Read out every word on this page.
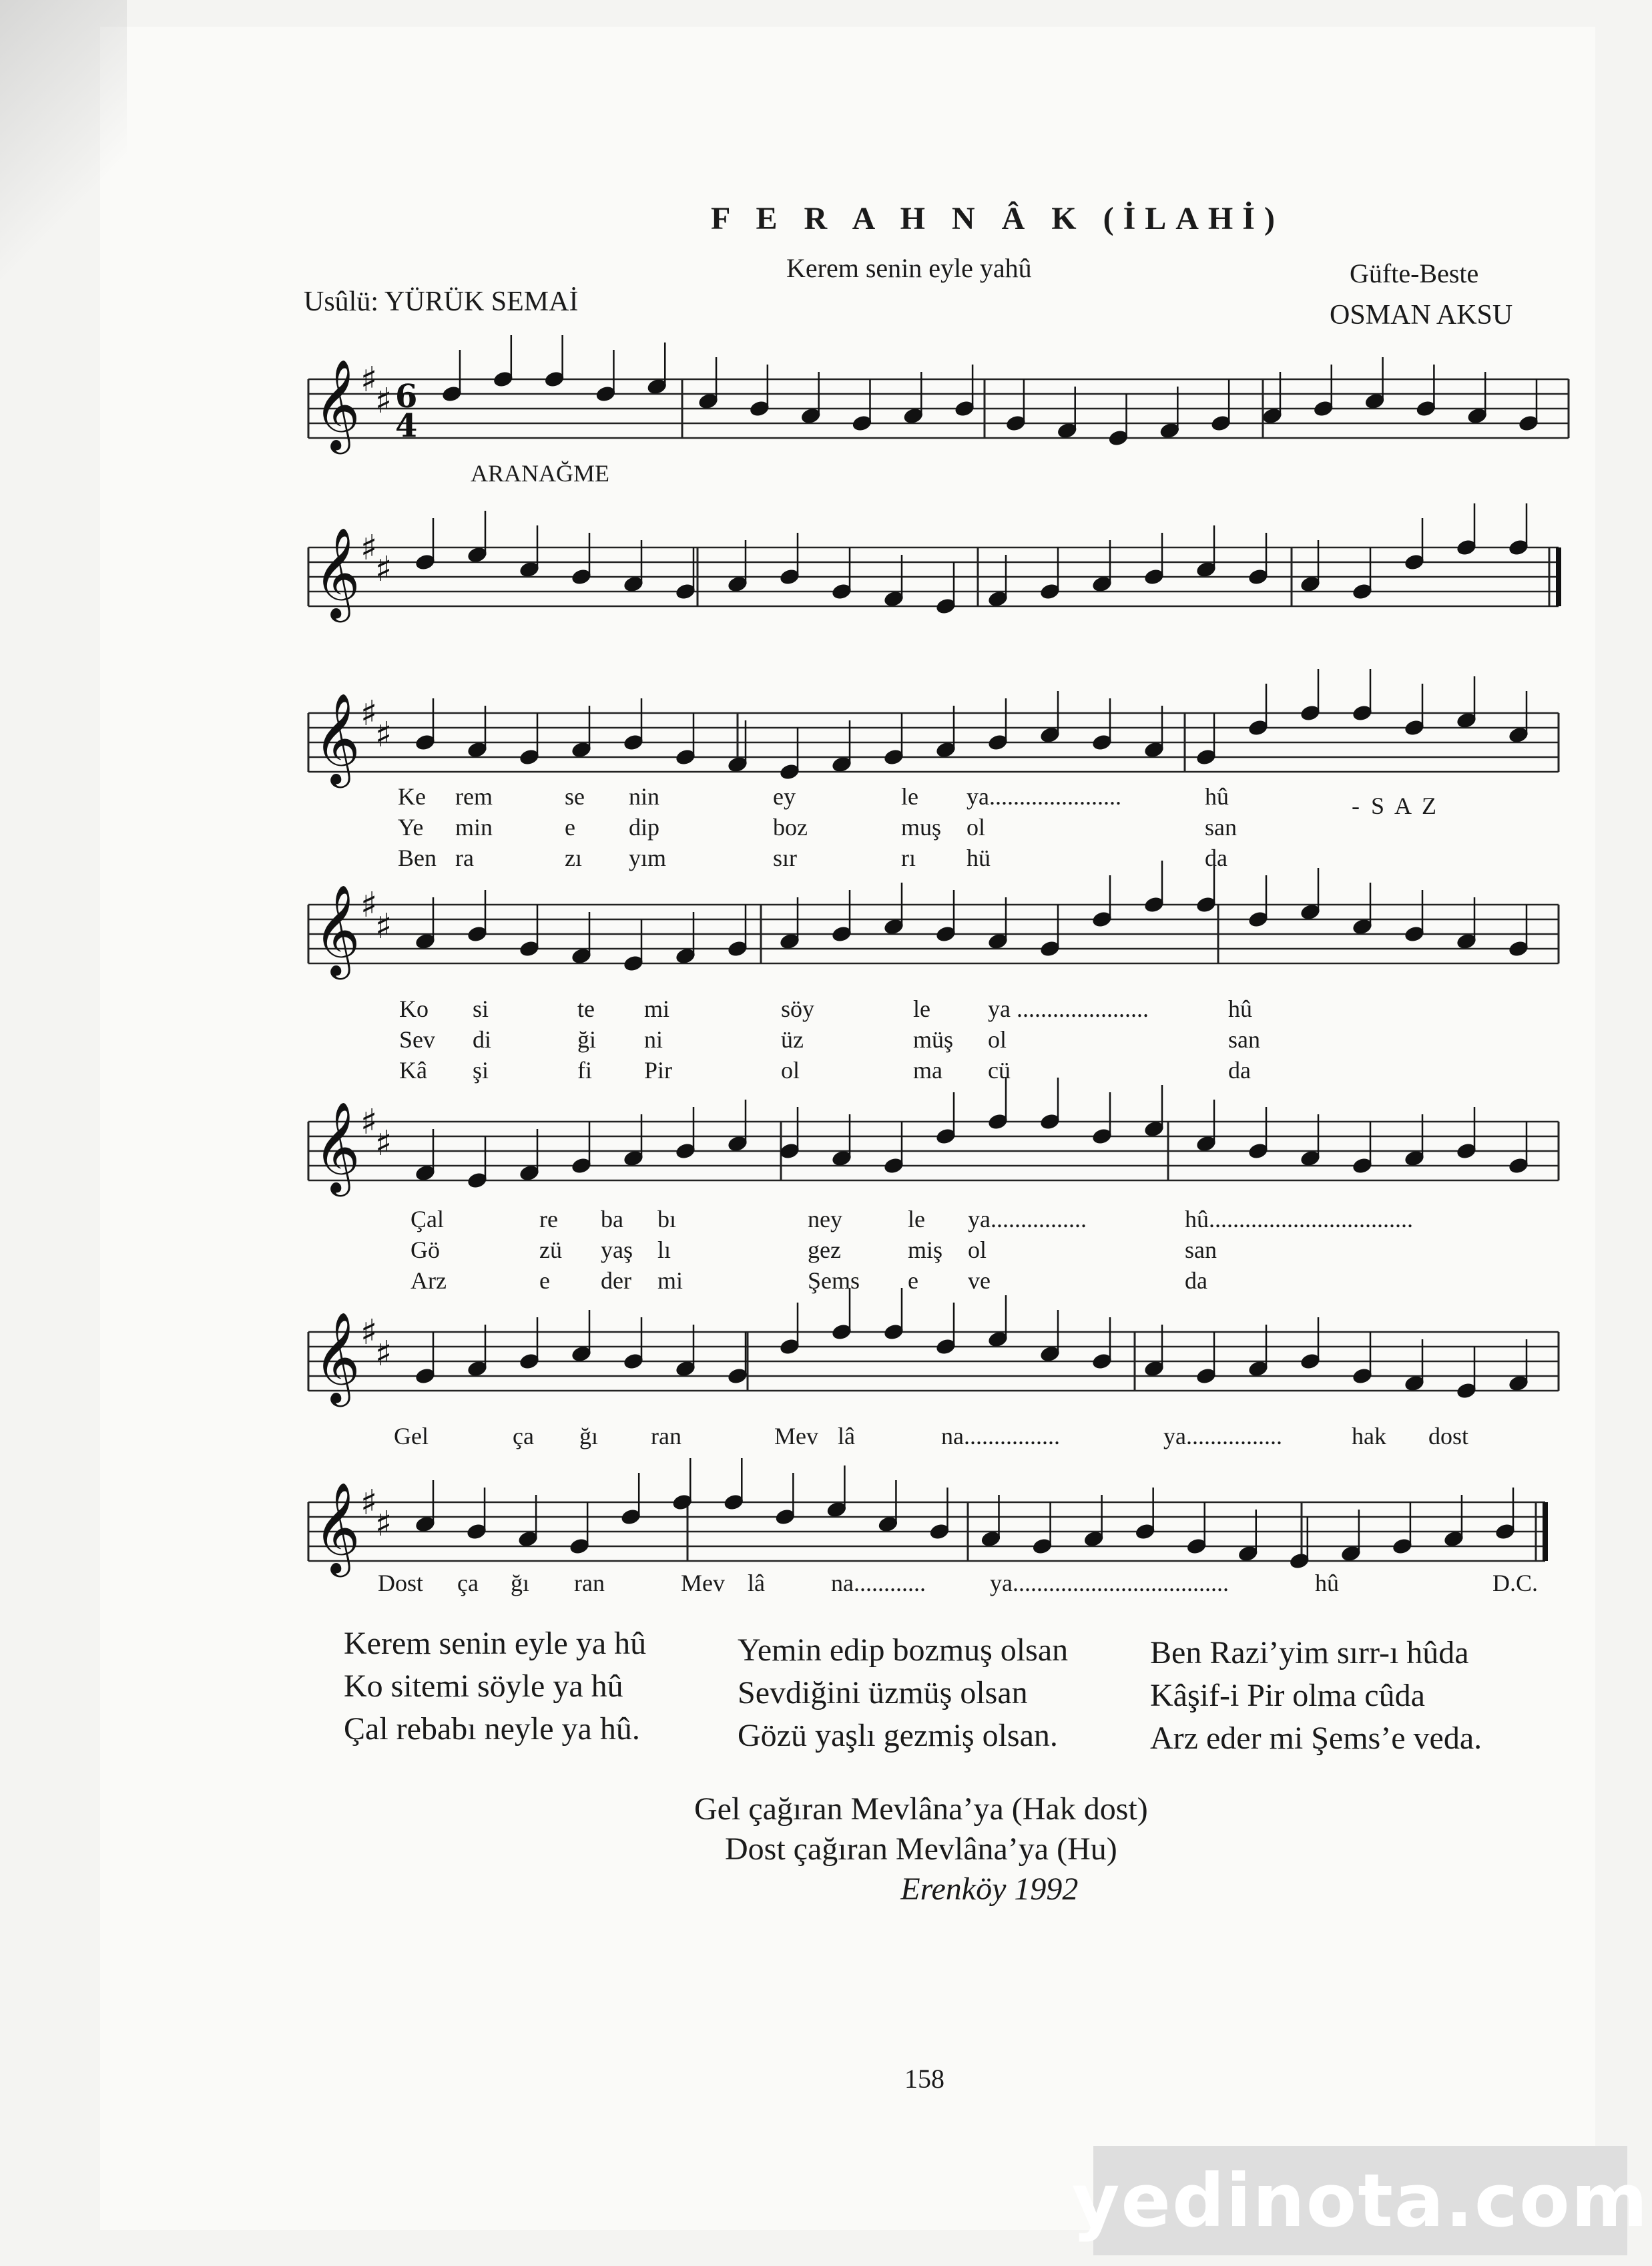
F E R A H N Â K (İLAHİ)
Kerem senin eyle yahû
Usûlü: YÜRÜK SEMAİ
Güfte-Beste
OSMAN AKSU
𝄞 ♯
♯ 6
4
𝄞 ♯
♯
𝄞 ♯
♯
𝄞 ♯
♯
𝄞 ♯
♯
𝄞 ♯
♯
𝄞 ♯
♯
ARANAĞME
- S A Z
D.C.
Ke rem	se nin	ey	le ya......................	hû
Ye min	e dip	boz	muş ol	san
Ben ra	zı yım	sır	rı hü	da
Ko si	te mi	söy	le ya ......................	hû
Sev di	ği ni	üz	müş ol	san
Kâ şi	fi Pir	ol	ma cü	da
Çal	re ba bı	ney	le ya................	hû..................................
Gö	zü yaş lı	gez	miş ol	san
Arz	e der mi	Şems e ve	da
Gel	ça ğı ran	Mev lâ	na................	ya................	hak dost
Dost ça ğı ran	Mev lâ	na............	ya....................................	hû
Kerem senin eyle ya hû
Ko sitemi söyle ya hû
Çal rebabı neyle ya hû.
Yemin edip bozmuş olsan
Sevdiğini üzmüş olsan
Gözü yaşlı gezmiş olsan.
Ben Razi’yim sırr-ı hûda
Kâşif-i Pir olma cûda
Arz eder mi Şems’e veda.
Gel çağıran Mevlâna’ya (Hak dost)
Dost çağıran Mevlâna’ya (Hu)
Erenköy 1992
158
yedinota.com
